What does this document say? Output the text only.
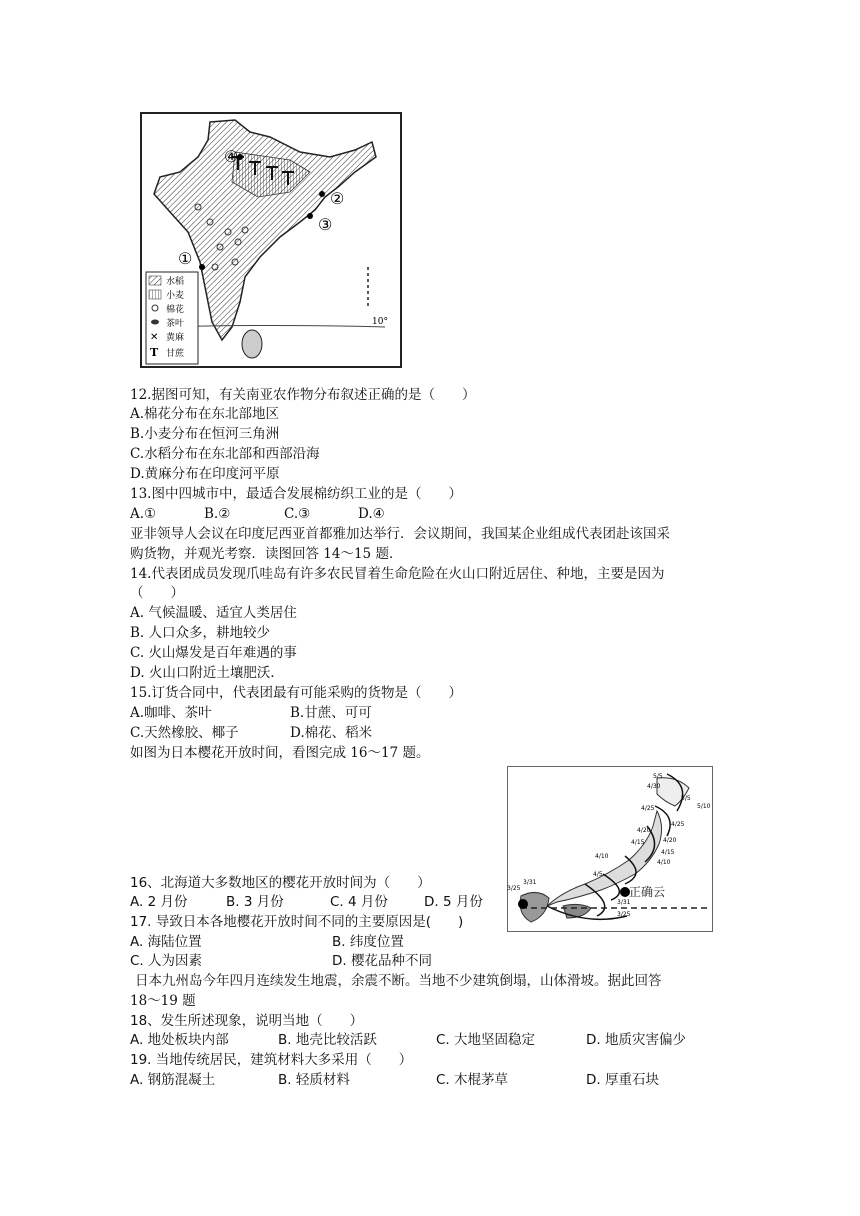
①
②
③
④
10°
✕
T
水稻
小麦
棉花
茶叶
黄麻
甘蔗
12.据图可知，有关南亚农作物分布叙述正确的是（　　）
A.棉花分布在东北部地区
B.小麦分布在恒河三角洲
C.水稻分布在东北部和西部沿海
D.黄麻分布在印度河平原
13.图中四城市中，最适合发展棉纺织工业的是（　　）
A.①	B.②	C.③	D.④
亚非领导人会议在印度尼西亚首都雅加达举行．会议期间，我国某企业组成代表团赴该国采
购货物，并观光考察．读图回答 14～15 题．
14.代表团成员发现爪哇岛有许多农民冒着生命危险在火山口附近居住、种地，主要是因为
（　　）
A. 气候温暖、适宜人类居住
B. 人口众多，耕地较少
C. 火山爆发是百年难遇的事
D. 火山口附近土壤肥沃．
15.订货合同中，代表团最有可能采购的货物是（　　）
A.咖啡、茶叶	B.甘蔗、可可
C.天然橡胶、椰子	D.棉花、稻米
如图为日本樱花开放时间，看图完成 16～17 题。
5/5
4/30
5/5
5/10
4/25
4/25
4/20
4/20
4/15
4/15
4/10
4/10
4/5
3/31
3/25
3/31
3/25
正确云
16、北海道大多数地区的樱花开放时间为（　　）
A. 2 月份	B. 3 月份	C. 4 月份	D. 5 月份
17. 导致日本各地樱花开放时间不同的主要原因是(　　)
A. 海陆位置	B. 纬度位置
C. 人为因素	D. 樱花品种不同
日本九州岛今年四月连续发生地震，余震不断。当地不少建筑倒塌，山体滑坡。据此回答
18～19 题
18、发生所述现象，说明当地（　　）
A. 地处板块内部	B. 地壳比较活跃	C. 大地坚固稳定	D. 地质灾害偏少
19. 当地传统居民，建筑材料大多采用（　　）
A. 钢筋混凝土	B. 轻质材料	C. 木棍茅草	D. 厚重石块
